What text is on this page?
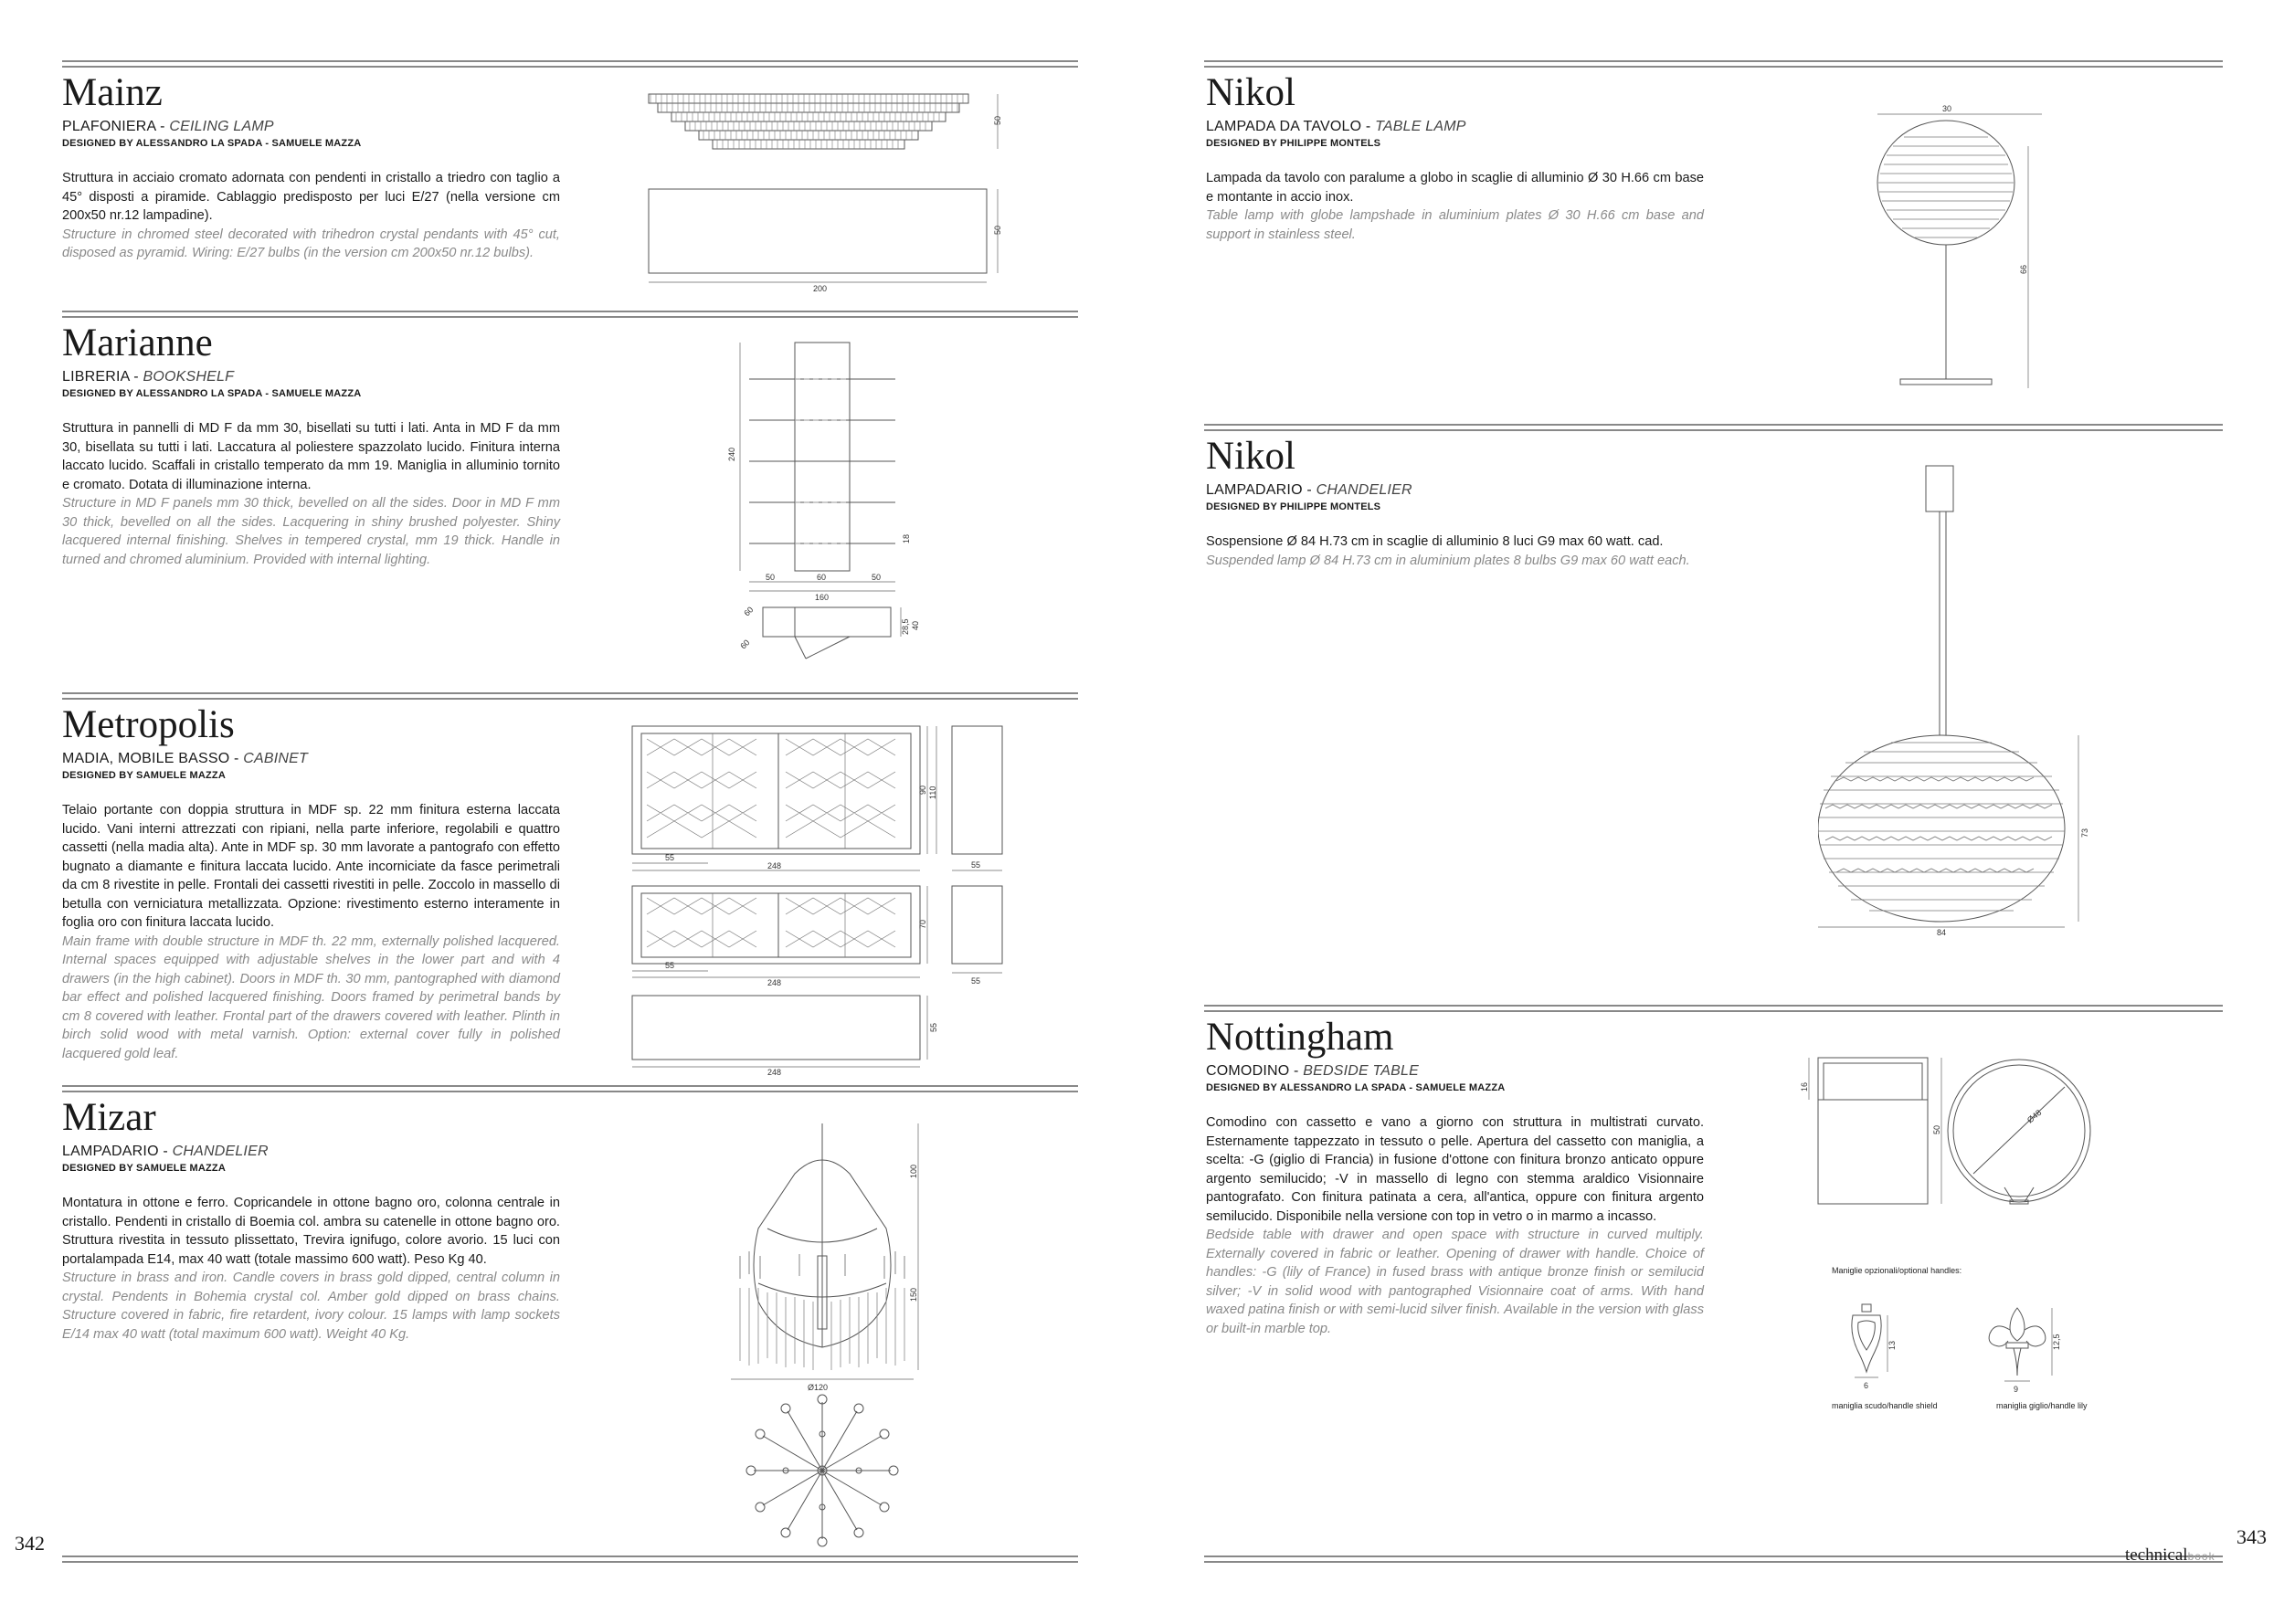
Mainz
PLAFONIERA - CEILING LAMP
DESIGNED BY ALESSANDRO LA SPADA - SAMUELE MAZZA
Struttura in acciaio cromato adornata con pendenti in cristallo a triedro con taglio a 45° disposti a piramide. Cablaggio predisposto per luci E/27 (nella versione cm 200x50 nr.12 lampadine).
Structure in chromed steel decorated with trihedron crystal pendants with 45° cut, disposed as pyramid. Wiring: E/27 bulbs (in the version cm 200x50 nr.12 bulbs).
50
50
200
Marianne
LIBRERIA - BOOKSHELF
DESIGNED BY ALESSANDRO LA SPADA - SAMUELE MAZZA
Struttura in pannelli di MD F da mm 30, bisellati su tutti i lati. Anta in MD F da mm 30, bisellata su tutti i lati. Laccatura al poliestere spazzolato lucido. Finitura interna laccato lucido. Scaffali in cristallo temperato da mm 19. Maniglia in alluminio tornito e cromato. Dotata di illuminazione interna.
Structure in MD F panels mm 30 thick, bevelled on all the sides. Door in MD F mm 30 thick, bevelled on all the sides. Lacquering in shiny brushed polyester. Shiny lacquered internal finishing. Shelves in tempered crystal, mm 19 thick. Handle in turned and chromed aluminium. Provided with internal lighting.
240
18
50	60	50
160
28,5 40
60
60
Metropolis
MADIA, MOBILE BASSO - CABINET
DESIGNED BY SAMUELE MAZZA
Telaio portante con doppia struttura in MDF sp. 22 mm finitura esterna laccata lucido. Vani interni attrezzati con ripiani, nella parte inferiore, regolabili e quattro cassetti (nella madia alta). Ante in MDF sp. 30 mm lavorate a pantografo con effetto bugnato a diamante e finitura laccata lucido. Ante incorniciate da fasce perimetrali da cm 8 rivestite in pelle. Frontali dei cassetti rivestiti in pelle. Zoccolo in massello di betulla con verniciatura metallizzata. Opzione: rivestimento esterno interamente in foglia oro con finitura laccata lucido.
Main frame with double structure in MDF th. 22 mm, externally polished lacquered. Internal spaces equipped with adjustable shelves in the lower part and with 4 drawers (in the high cabinet). Doors in MDF th. 30 mm, pantographed with diamond bar effect and polished lacquered finishing. Doors framed by perimetral bands by cm 8 covered with leather. Frontal part of the drawers covered with leather. Plinth in birch solid wood with metal varnish. Option: external cover fully in polished lacquered gold leaf.
90 110
55
248	55
70
55
248	55
248
55
Mizar
LAMPADARIO - CHANDELIER
DESIGNED BY SAMUELE MAZZA
Montatura in ottone e ferro. Copricandele in ottone bagno oro, colonna centrale in cristallo. Pendenti in cristallo di Boemia col. ambra su catenelle in ottone bagno oro. Struttura rivestita in tessuto plissettato, Trevira ignifugo, colore avorio. 15 luci con portalampada E14, max 40 watt (totale massimo 600 watt). Peso Kg 40.
Structure in brass and iron. Candle covers in brass gold dipped, central column in crystal. Pendents in Bohemia crystal col. Amber gold dipped on brass chains. Structure covered in fabric, fire retardent, ivory colour. 15 lamps with lamp sockets E/14 max 40 watt (total maximum 600 watt). Weight 40 Kg.
100
150
Ø120
342
Nikol
LAMPADA DA TAVOLO - TABLE LAMP
DESIGNED BY PHILIPPE MONTELS
Lampada da tavolo con paralume a globo in scaglie di alluminio Ø 30 H.66 cm base e montante in accio inox.
Table lamp with globe lampshade in aluminium plates Ø 30 H.66 cm base and support in stainless steel.
30
66
Nikol
LAMPADARIO - CHANDELIER
DESIGNED BY PHILIPPE MONTELS
Sospensione Ø 84 H.73 cm in scaglie di alluminio 8 luci G9 max 60 watt. cad.
Suspended lamp Ø 84 H.73 cm in aluminium plates 8 bulbs G9 max 60 watt each.
73
84
Nottingham
COMODINO - BEDSIDE TABLE
DESIGNED BY ALESSANDRO LA SPADA - SAMUELE MAZZA
Comodino con cassetto e vano a giorno con struttura in multistrati curvato. Esternamente tappezzato in tessuto o pelle. Apertura del cassetto con maniglia, a scelta: -G (giglio di Francia) in fusione d'ottone con finitura bronzo anticato oppure argento semilucido; -V in massello di legno con stemma araldico Visionnaire pantografato. Con finitura patinata a cera, all'antica, oppure con finitura argento semilucido. Disponibile nella versione con top in vetro o in marmo a incasso.
Bedside table with drawer and open space with structure in curved multiply. Externally covered in fabric or leather. Opening of drawer with handle. Choice of handles: -G (lily of France) in fused brass with antique bronze finish or semilucid silver; -V in solid wood with pantographed Visionnaire coat of arms. With hand waxed patina finish or with semi-lucid silver finish. Available in the version with glass or built-in marble top.
16
50
Ø48
Maniglie opzionali/optional handles:
13
6
12,5
9
maniglia scudo/handle shield	maniglia giglio/handle lily
343
technicalbook
